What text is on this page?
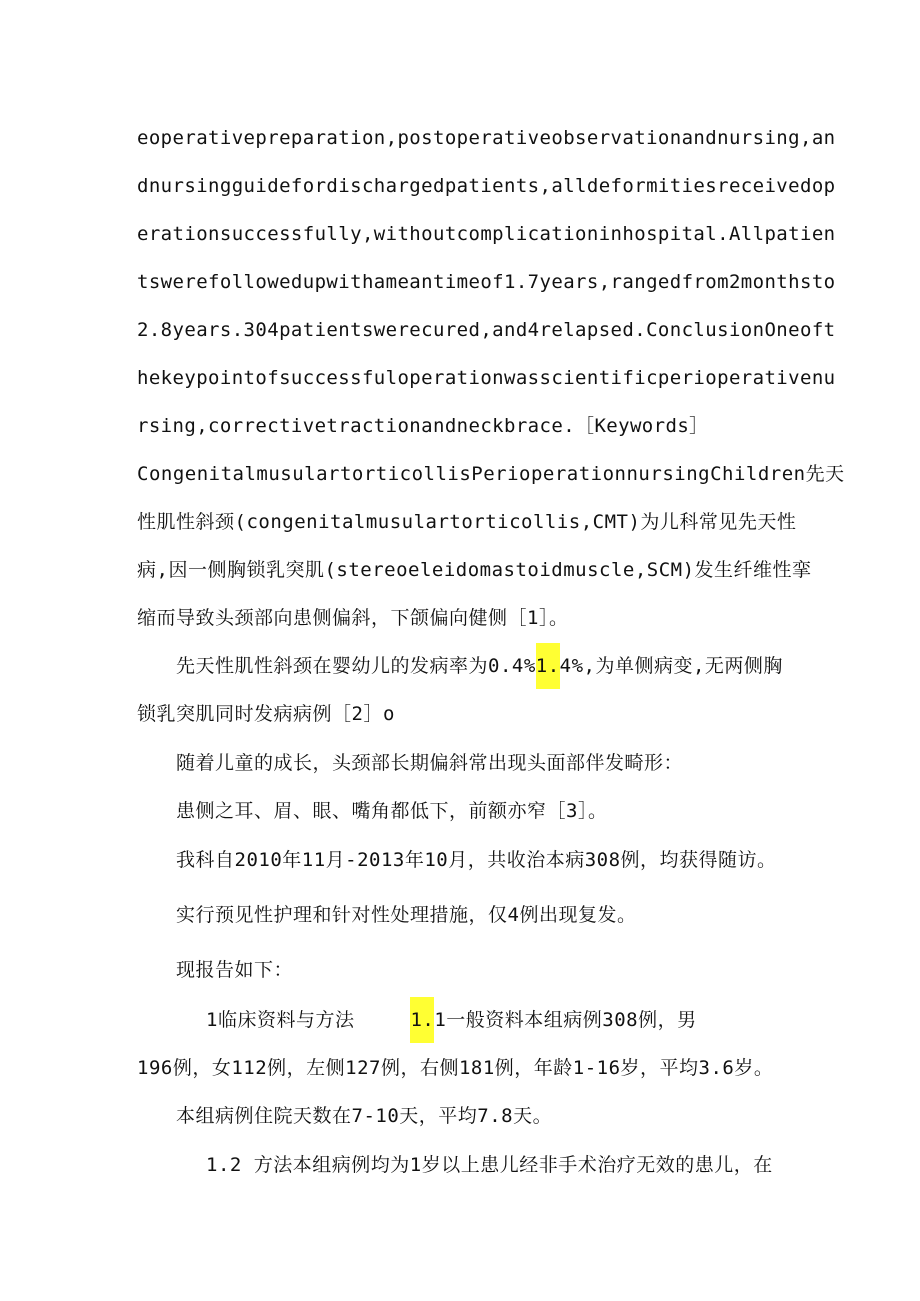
eoperativepreparation,postoperativeobservationandnursing,an
dnursingguidefordischargedpatients,alldeformitiesreceivedop
erationsuccessfully,withoutcomplicationinhospital.Allpatien
tswerefollowedupwithameantimeof1.7years,rangedfrom2monthsto
2.8years.304patientswerecured,and4relapsed.ConclusionOneoft
hekeypointofsuccessfuloperationwasscientificperioperativenu
rsing,correctivetractionandneckbrace.［Keywords］
CongenitalmusulartorticollisPerioperationnursingChildren先天
性肌性斜颈(congenitalmusulartorticollis,CMT)为儿科常见先天性
病,因一侧胸锁乳突肌(stereoeleidomastoidmuscle,SCM)发生纤维性挛
缩而导致头颈部向患侧偏斜，下颌偏向健侧［1］。
先天性肌性斜颈在婴幼儿的发病率为0.4%1.4%,为单侧病变,无两侧胸
锁乳突肌同时发病病例［2］o
随着儿童的成长，头颈部长期偏斜常出现头面部伴发畸形：
患侧之耳、眉、眼、嘴角都低下，前额亦窄［3］。
我科自2010年11月-2013年10月，共收治本病308例，均获得随访。
实行预见性护理和针对性处理措施，仅4例出现复发。
现报告如下：
1临床资料与方法	1.1一般资料本组病例308例，男
196例，女112例，左侧127例，右侧181例，年龄1-16岁，平均3.6岁。
本组病例住院天数在7-10天，平均7.8天。
1.2 方法本组病例均为1岁以上患儿经非手术治疗无效的患儿，在
